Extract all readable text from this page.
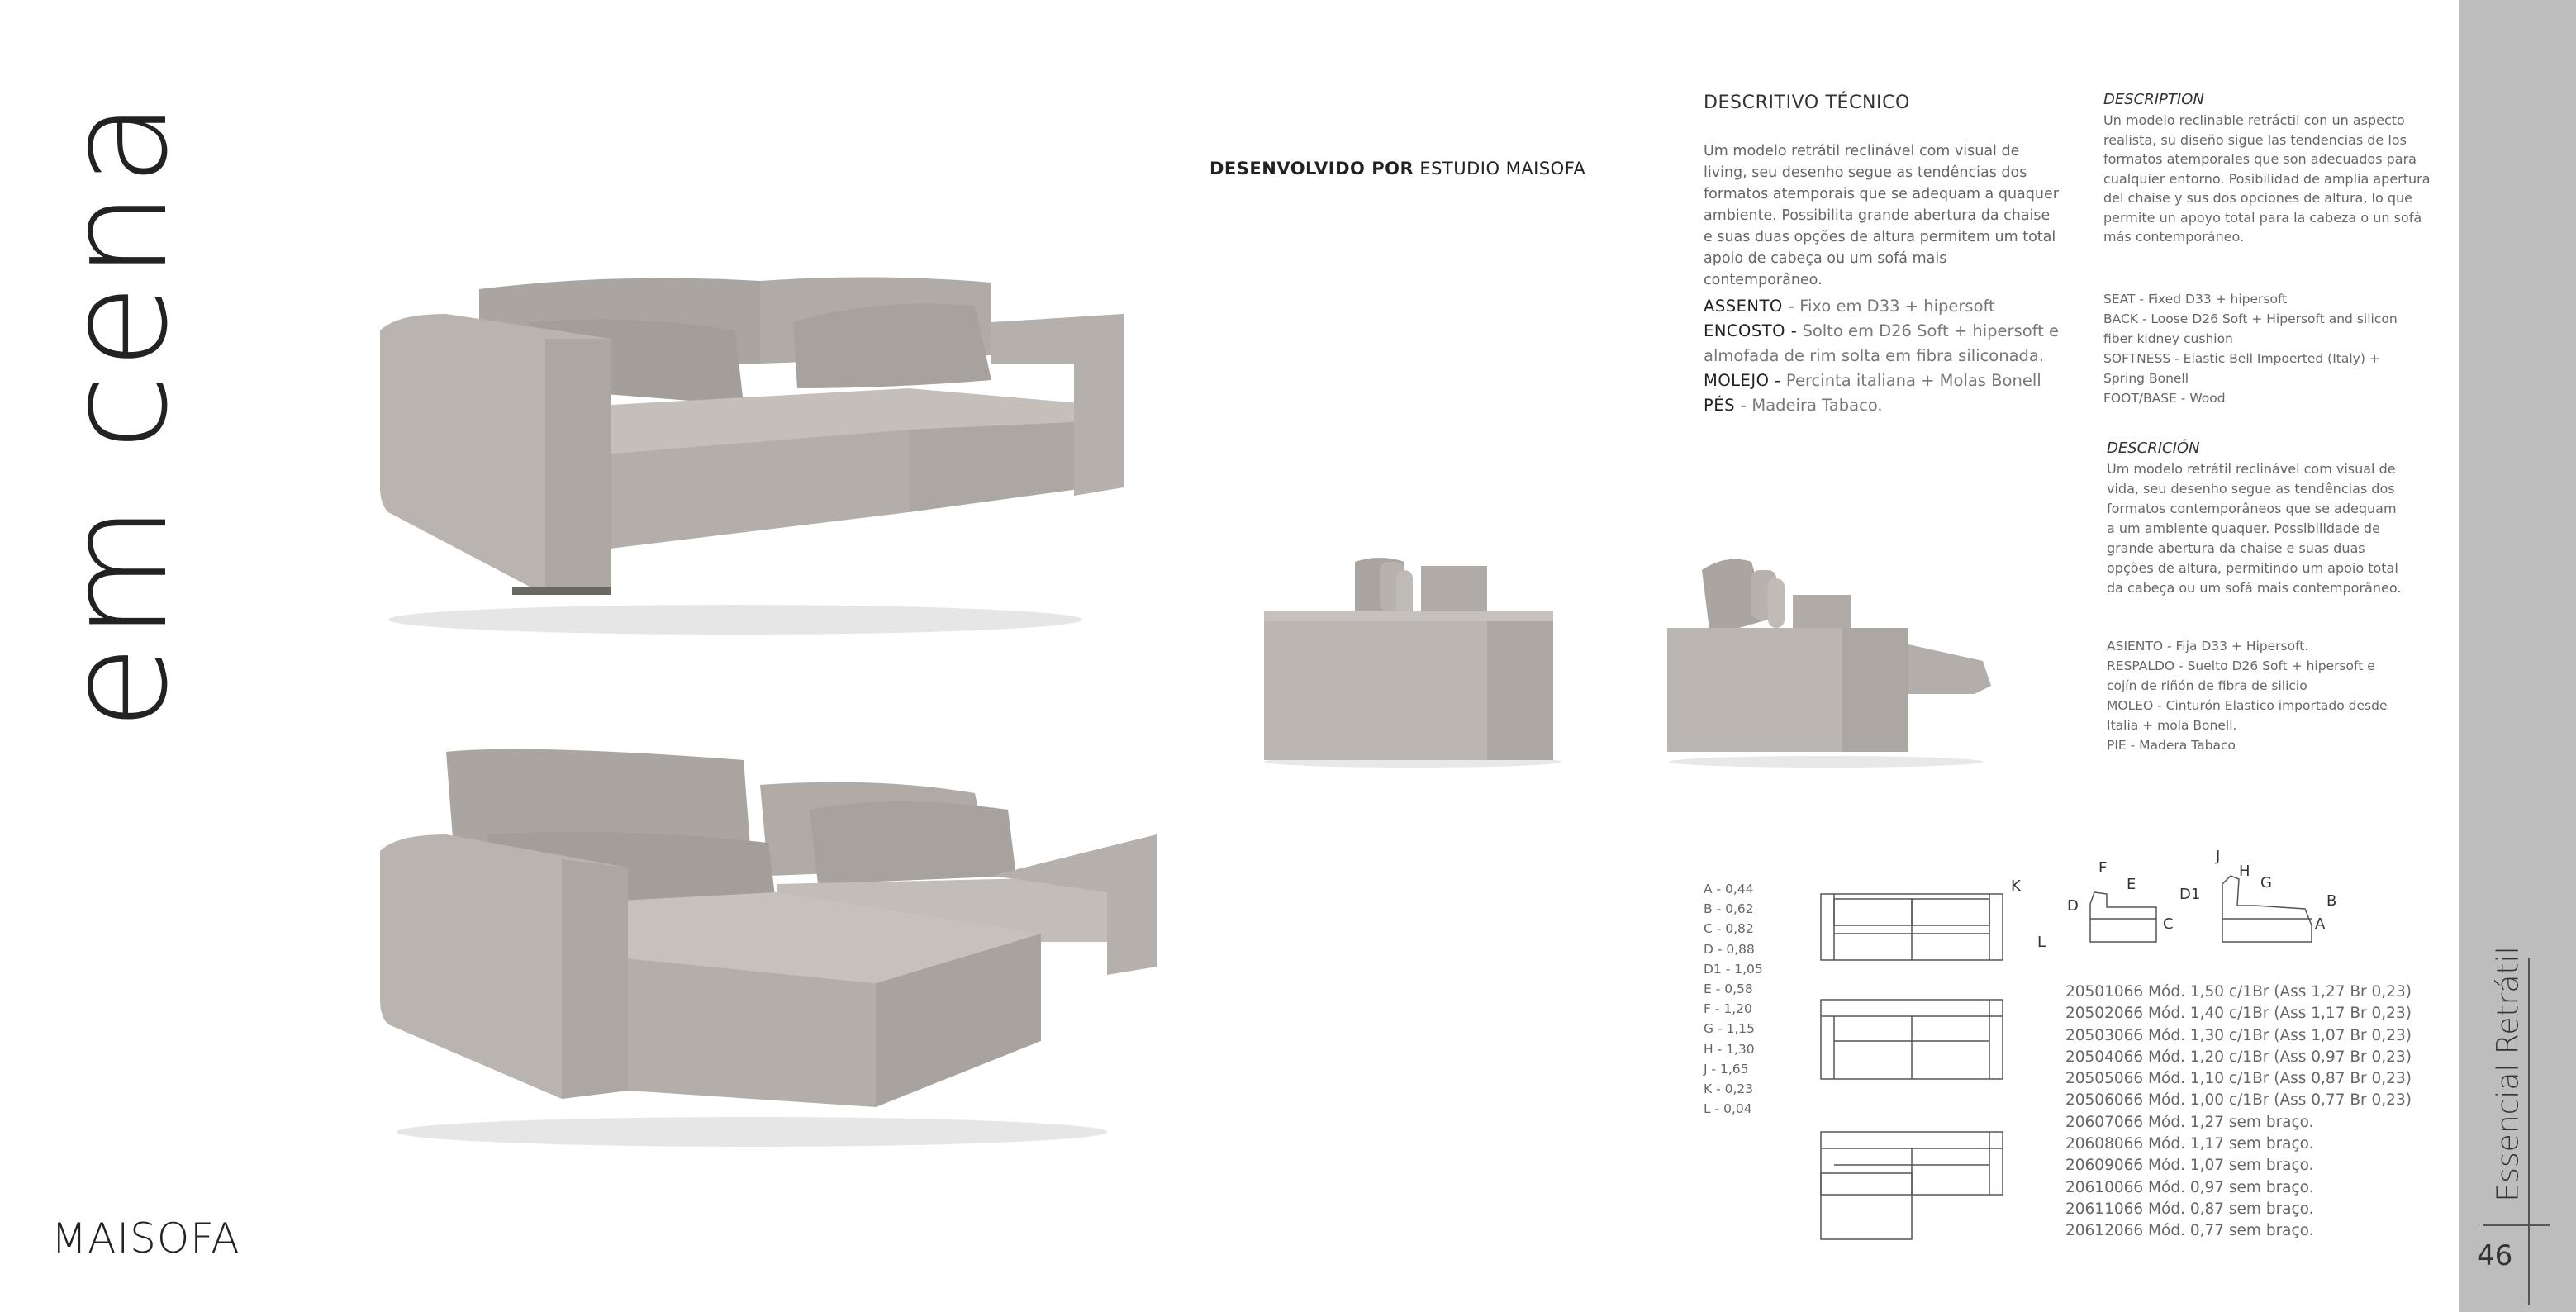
em cena	DESENVOLVIDO POR ESTUDIO MAISOFA
DESCRITIVO TÉCNICO
Um modelo retrátil reclinável com visual de living, seu desenho segue as tendências dos formatos atemporais que se adequam a quaquer ambiente. Possibilita grande abertura da chaise e suas duas opções de altura permitem um total apoio de cabeça ou um sofá mais contemporâneo.
ASSENTO - Fixo em D33 + hipersoft
ENCOSTO - Solto em D26 Soft + hipersoft e almofada de rim solta em fibra siliconada.
MOLEJO - Percinta italiana + Molas Bonell
PÉS - Madeira Tabaco.
DESCRIPTION
Un modelo reclinable retráctil con un aspecto realista, su diseño sigue las tendencias de los formatos atemporales que son adecuados para cualquier entorno. Posibilidad de amplia apertura del chaise y sus dos opciones de altura, lo que permite un apoyo total para la cabeza o un sofá más contemporáneo.
SEAT - Fixed D33 + hipersoft
BACK - Loose D26 Soft + Hipersoft and silicon fiber kidney cushion
SOFTNESS - Elastic Bell Impoerted (Italy) + Spring Bonell
FOOT/BASE - Wood
DESCRICIÓN
Um modelo retrátil reclinável com visual de vida, seu desenho segue as tendências dos formatos contemporâneos que se adequam a um ambiente quaquer. Possibilidade de grande abertura da chaise e suas duas opções de altura, permitindo um apoio total da cabeça ou um sofá mais contemporâneo.
ASIENTO - Fija D33 + Hipersoft.
RESPALDO - Suelto D26 Soft + hipersoft e cojín de riñón de fibra de silicio
MOLEO - Cinturón Elastico importado desde Italia + mola Bonell.
PIE - Madera Tabaco
A - 0,44
B - 0,62
C - 0,82
D - 0,88
D1 - 1,05
E - 0,58
F - 1,20
G - 1,15
H - 1,30
J - 1,65
K - 0,23
L - 0,04
K
L
F
E
D
D1
C
J
H
G
B
A
20501066 Mód. 1,50 c/1Br (Ass 1,27 Br 0,23)
20502066 Mód. 1,40 c/1Br (Ass 1,17 Br 0,23)
20503066 Mód. 1,30 c/1Br (Ass 1,07 Br 0,23)
20504066 Mód. 1,20 c/1Br (Ass 0,97 Br 0,23)
20505066 Mód. 1,10 c/1Br (Ass 0,87 Br 0,23)
20506066 Mód. 1,00 c/1Br (Ass 0,77 Br 0,23)
20607066 Mód. 1,27 sem braço.
20608066 Mód. 1,17 sem braço.
20609066 Mód. 1,07 sem braço.
20610066 Mód. 0,97 sem braço.
20611066 Mód. 0,87 sem braço.
20612066 Mód. 0,77 sem braço.
MAISOFA
Essencial Retrátil
46
